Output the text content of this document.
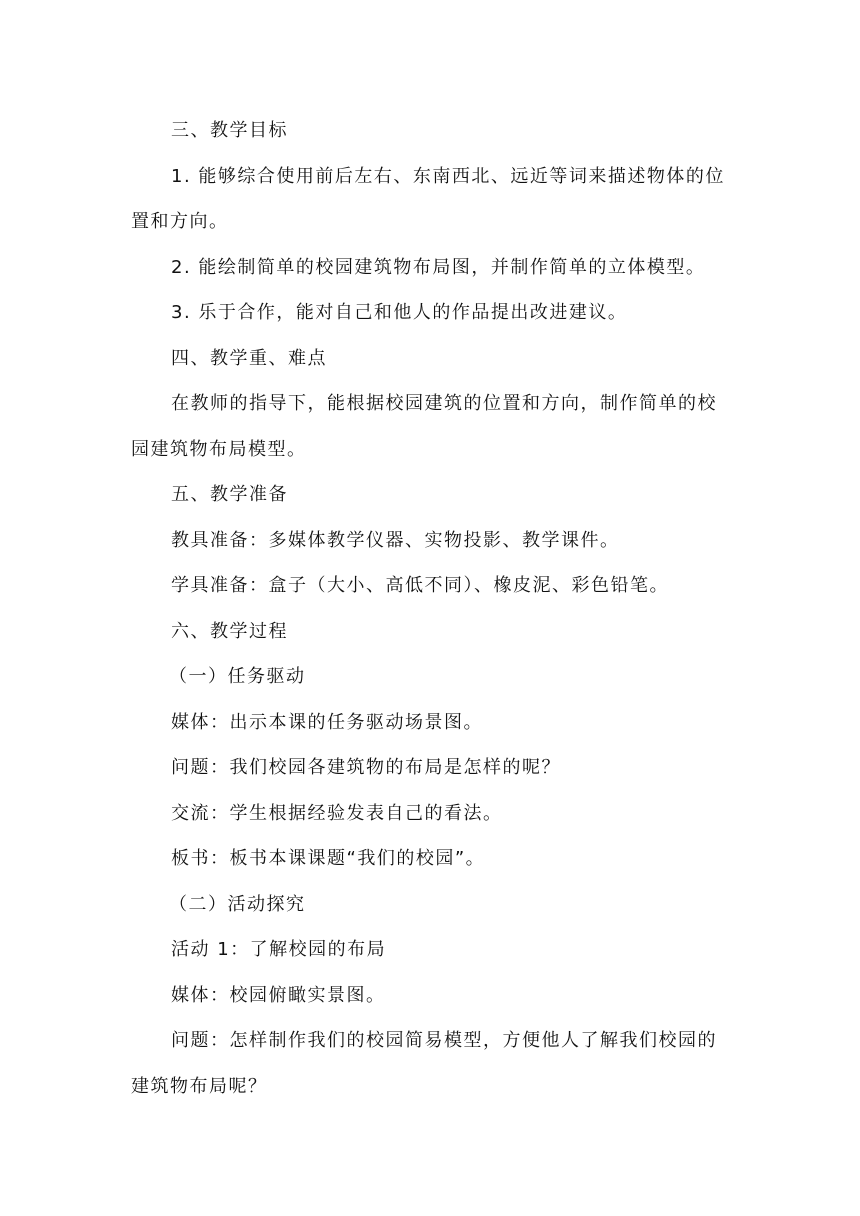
三、教学目标

1. 能够综合使用前后左右、东南西北、远近等词来描述物体的位置和方向。

2. 能绘制简单的校园建筑物布局图，并制作简单的立体模型。

3. 乐于合作，能对自己和他人的作品提出改进建议。

四、教学重、难点

在教师的指导下，能根据校园建筑的位置和方向，制作简单的校园建筑物布局模型。

五、教学准备

教具准备：多媒体教学仪器、实物投影、教学课件。

学具准备：盒子（大小、高低不同）、橡皮泥、彩色铅笔。

六、教学过程

（一）任务驱动

媒体：出示本课的任务驱动场景图。

问题：我们校园各建筑物的布局是怎样的呢？

交流：学生根据经验发表自己的看法。

板书：板书本课课题“我们的校园”。

（二）活动探究

活动 1：了解校园的布局

媒体：校园俯瞰实景图。

问题：怎样制作我们的校园简易模型，方便他人了解我们校园的建筑物布局呢？
